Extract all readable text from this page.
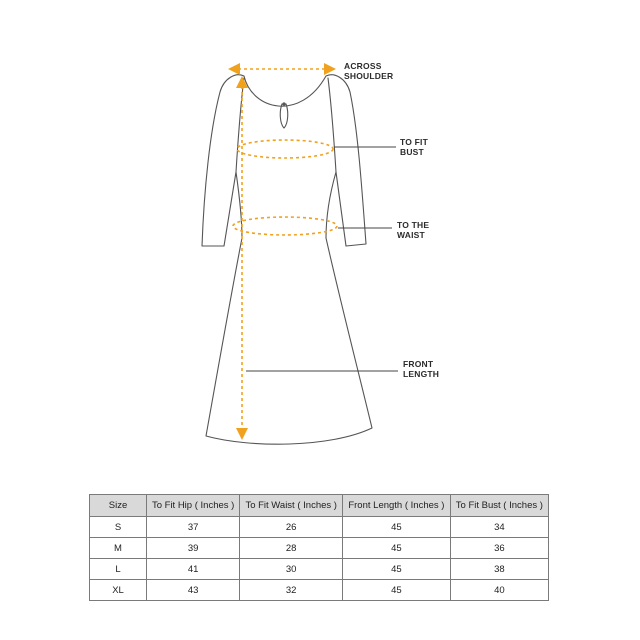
ACROSS
SHOULDER
TO FIT
BUST
TO THE
WAIST
FRONT
LENGTH
Size	To Fit Hip ( Inches )	To Fit Waist ( Inches )	Front Length ( Inches )	To Fit Bust ( Inches )
S	37	26	45	34
M	39	28	45	36
L	41	30	45	38
XL	43	32	45	40
